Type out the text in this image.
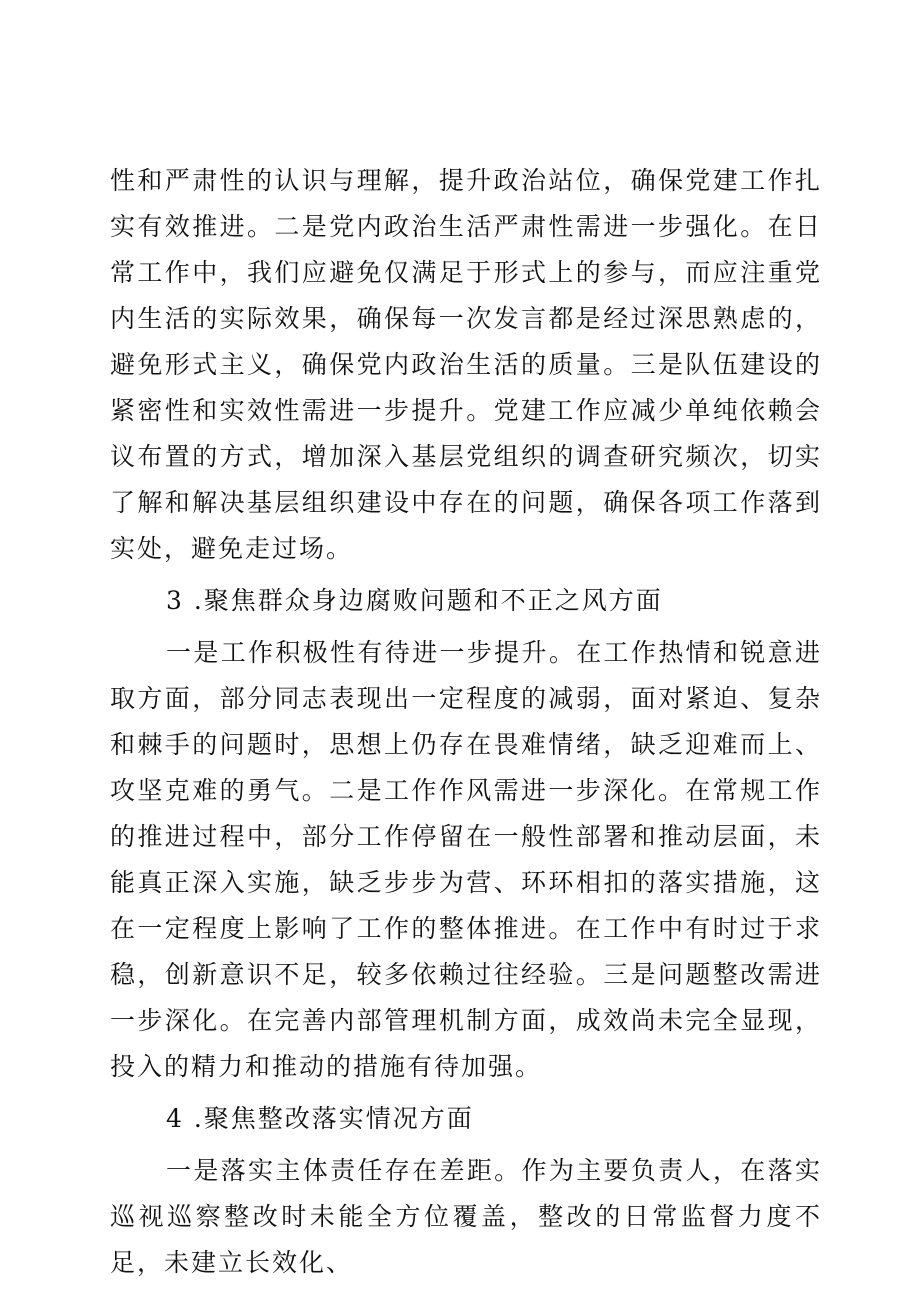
性和严肃性的认识与理解，提升政治站位，确保党建工作扎实有效推进。二是党内政治生活严肃性需进一步强化。在日常工作中，我们应避免仅满足于形式上的参与，而应注重党内生活的实际效果，确保每一次发言都是经过深思熟虑的，避免形式主义，确保党内政治生活的质量。三是队伍建设的紧密性和实效性需进一步提升。党建工作应减少单纯依赖会议布置的方式，增加深入基层党组织的调查研究频次，切实了解和解决基层组织建设中存在的问题，确保各项工作落到实处，避免走过场。

3 .聚焦群众身边腐败问题和不正之风方面

一是工作积极性有待进一步提升。在工作热情和锐意进取方面，部分同志表现出一定程度的减弱，面对紧迫、复杂和棘手的问题时，思想上仍存在畏难情绪，缺乏迎难而上、攻坚克难的勇气。二是工作作风需进一步深化。在常规工作的推进过程中，部分工作停留在一般性部署和推动层面，未能真正深入实施，缺乏步步为营、环环相扣的落实措施，这在一定程度上影响了工作的整体推进。在工作中有时过于求稳，创新意识不足，较多依赖过往经验。三是问题整改需进一步深化。在完善内部管理机制方面，成效尚未完全显现，投入的精力和推动的措施有待加强。

4 .聚焦整改落实情况方面

一是落实主体责任存在差距。作为主要负责人，在落实巡视巡察整改时未能全方位覆盖，整改的日常监督力度不足，未建立长效化、
